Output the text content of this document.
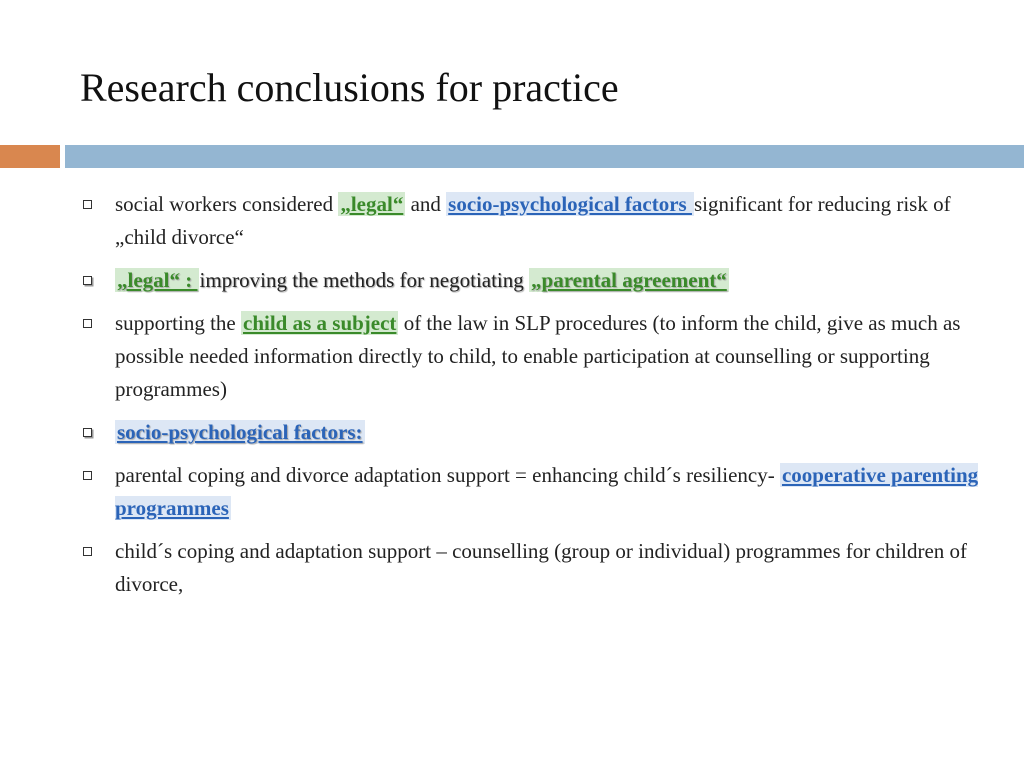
Research conclusions for practice
social workers considered „legal“ and socio-psychological factors significant for reducing risk of „child divorce“
„legal“ : improving the methods for negotiating „parental agreement“
supporting the child as a subject of the law in SLP procedures (to inform the child, give as much as possible needed information directly to child, to enable participation at counselling or supporting programmes)
socio-psychological factors:
parental coping and divorce adaptation support = enhancing child´s resiliency- cooperative parenting programmes
child´s coping and adaptation support – counselling (group or individual) programmes for children of divorce,
